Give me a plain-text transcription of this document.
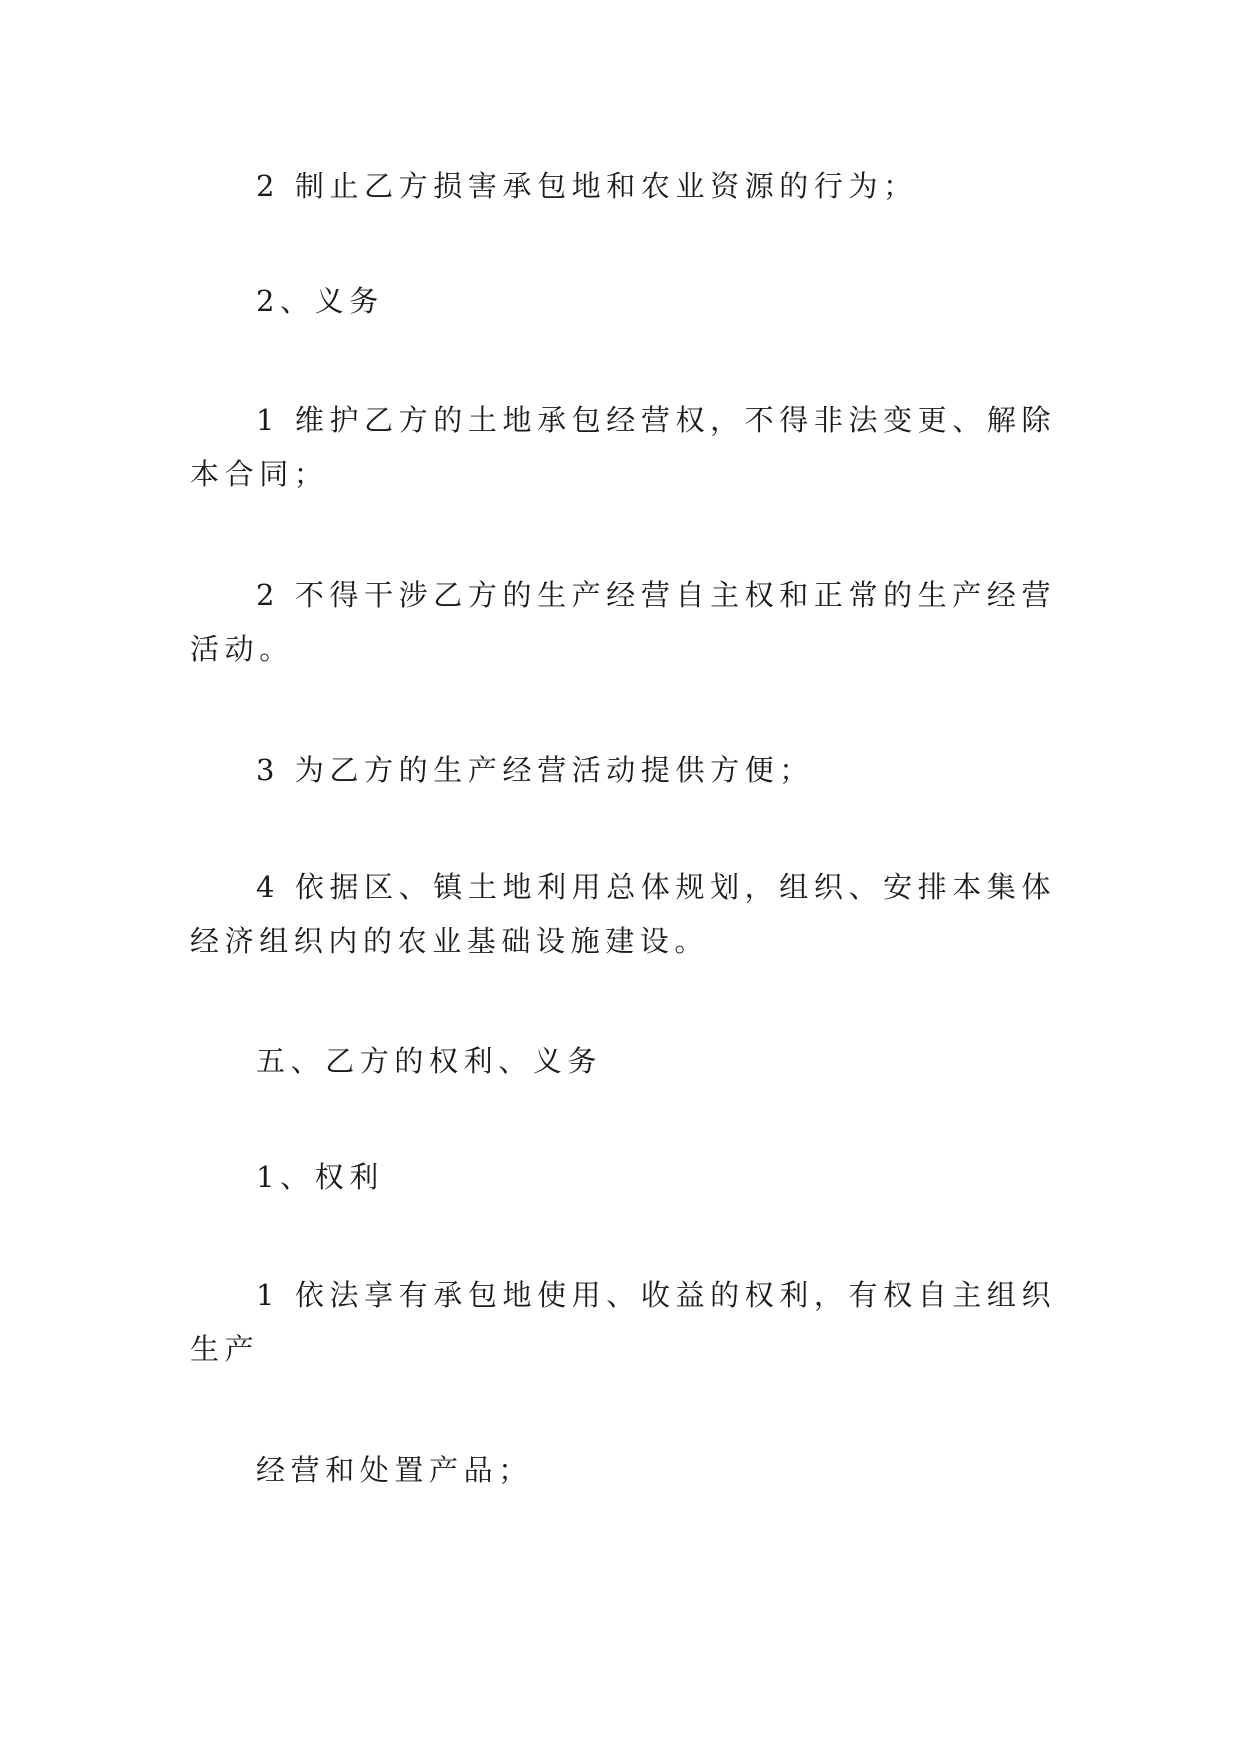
2 制止乙方损害承包地和农业资源的行为；

2、义务

1 维护乙方的土地承包经营权，不得非法变更、解除本合同；

2 不得干涉乙方的生产经营自主权和正常的生产经营活动。

3 为乙方的生产经营活动提供方便；

4 依据区、镇土地利用总体规划，组织、安排本集体经济组织内的农业基础设施建设。

五、乙方的权利、义务

1、权利

1 依法享有承包地使用、收益的权利，有权自主组织生产

经营和处置产品；
